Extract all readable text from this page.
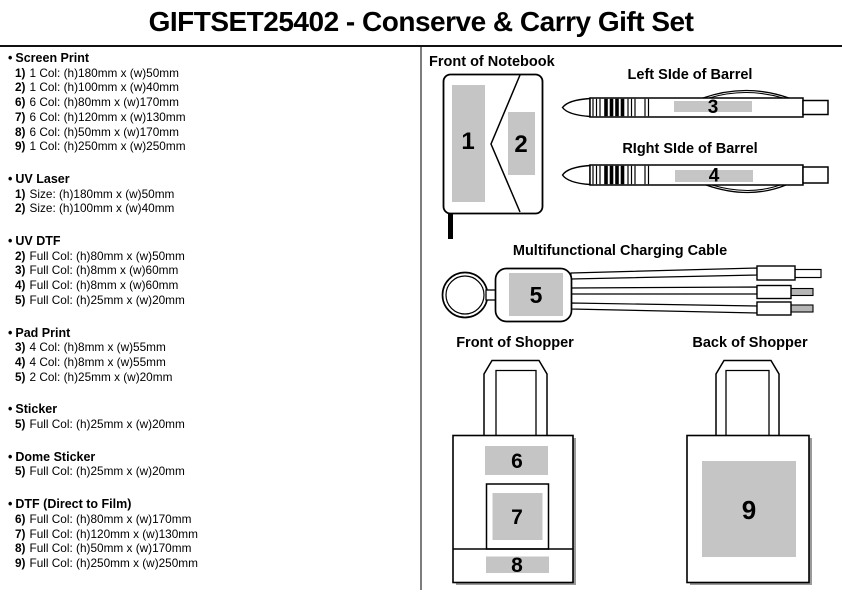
GIFTSET25402 - Conserve & Carry Gift Set
• Screen Print
1) 1 Col: (h)180mm x (w)50mm
2) 1 Col: (h)100mm x (w)40mm
6) 6 Col: (h)80mm x (w)170mm
7) 6 Col: (h)120mm x (w)130mm
8) 6 Col: (h)50mm x (w)170mm
9) 1 Col: (h)250mm x (w)250mm
• UV Laser
1) Size: (h)180mm x (w)50mm
2) Size: (h)100mm x (w)40mm
• UV DTF
2) Full Col: (h)80mm x (w)50mm
3) Full Col: (h)8mm x (w)60mm
4) Full Col: (h)8mm x (w)60mm
5) Full Col: (h)25mm x (w)20mm
• Pad Print
3) 4 Col: (h)8mm x (w)55mm
4) 4 Col: (h)8mm x (w)55mm
5) 2 Col: (h)25mm x (w)20mm
• Sticker
5) Full Col: (h)25mm x (w)20mm
• Dome Sticker
5) Full Col: (h)25mm x (w)20mm
• DTF (Direct to Film)
6) Full Col: (h)80mm x (w)170mm
7) Full Col: (h)120mm x (w)130mm
8) Full Col: (h)50mm x (w)170mm
9) Full Col: (h)250mm x (w)250mm
Front of Notebook
1 2
Left SIde of Barrel
3
RIght SIde of Barrel
4
Multifunctional Charging Cable
5
Front of Shopper
6
7
8
Back of Shopper
9
